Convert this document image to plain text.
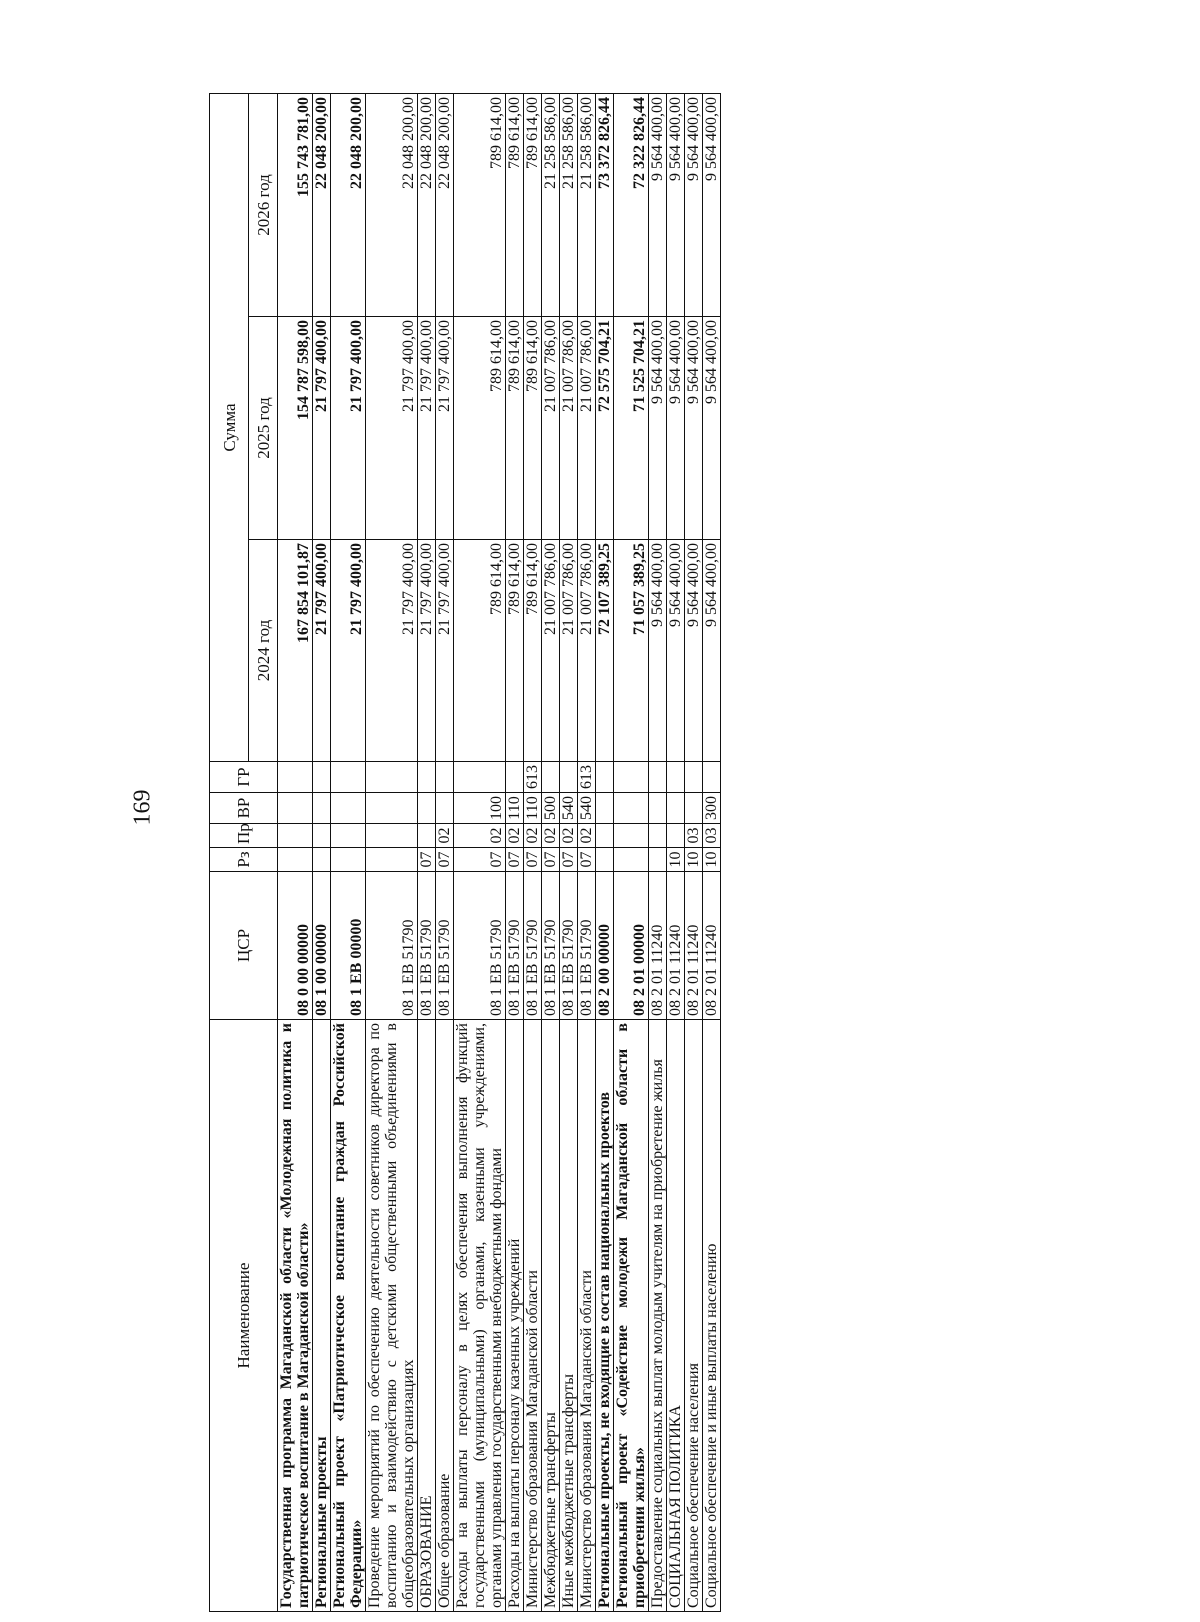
169
Наименование	ЦСР	Рз	Пр	ВР	ГР	Сумма		
						2024 год	2025 год	2026 год
Государственная программа Магаданской области «Молодежная политика и патриотическое воспитание в Магаданской области»	08 0 00 00000					167 854 101,87	154 787 598,00	155 743 781,00
Региональные проекты	08 1 00 00000					21 797 400,00	21 797 400,00	22 048 200,00
Региональный проект «Патриотическое воспитание граждан Российской Федерации»	08 1 ЕВ 00000					21 797 400,00	21 797 400,00	22 048 200,00
Проведение мероприятий по обеспечению деятельности советников директора по воспитанию и взаимодействию с детскими общественными объединениями в общеобразовательных организациях	08 1 ЕВ 51790					21 797 400,00	21 797 400,00	22 048 200,00
ОБРАЗОВАНИЕ	08 1 ЕВ 51790	07				21 797 400,00	21 797 400,00	22 048 200,00
Общее образование	08 1 ЕВ 51790	07	02			21 797 400,00	21 797 400,00	22 048 200,00
Расходы на выплаты персоналу в целях обеспечения выполнения функций государственными (муниципальными) органами, казенными учреждениями, органами управления государственными внебюджетными фондами	08 1 ЕВ 51790	07	02	100		789 614,00	789 614,00	789 614,00
Расходы на выплаты персоналу казенных учреждений	08 1 ЕВ 51790	07	02	110		789 614,00	789 614,00	789 614,00
Министерство образования Магаданской области	08 1 ЕВ 51790	07	02	110	613	789 614,00	789 614,00	789 614,00
Межбюджетные трансферты	08 1 ЕВ 51790	07	02	500		21 007 786,00	21 007 786,00	21 258 586,00
Иные межбюджетные трансферты	08 1 ЕВ 51790	07	02	540		21 007 786,00	21 007 786,00	21 258 586,00
Министерство образования Магаданской области	08 1 ЕВ 51790	07	02	540	613	21 007 786,00	21 007 786,00	21 258 586,00
Региональные проекты, не входящие в состав национальных проектов	08 2 00 00000					72 107 389,25	72 575 704,21	73 372 826,44
Региональный проект «Содействие молодежи Магаданской области в приобретении жилья»	08 2 01 00000					71 057 389,25	71 525 704,21	72 322 826,44
Предоставление социальных выплат молодым учителям на приобретение жилья	08 2 01 11240					9 564 400,00	9 564 400,00	9 564 400,00
СОЦИАЛЬНАЯ ПОЛИТИКА	08 2 01 11240	10				9 564 400,00	9 564 400,00	9 564 400,00
Социальное обеспечение населения	08 2 01 11240	10	03			9 564 400,00	9 564 400,00	9 564 400,00
Социальное обеспечение и иные выплаты населению	08 2 01 11240	10	03	300		9 564 400,00	9 564 400,00	9 564 400,00
